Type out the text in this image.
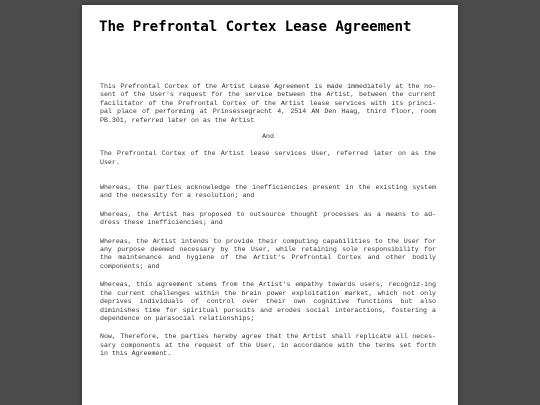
The Prefrontal Cortex Lease Agreement

This Prefrontal Cortex of the Artist Lease Agreement is made immediately at the no-sent of the User's request for the service between the Artist, between the current facilitator of the Prefrontal Cortex of the Artist lease services with its princi-pal place of performing at Prinsessegracht 4, 2514 AN Den Haag, third floor, room PB.301, referred later on as the Artist

And

The Prefrontal Cortex of the Artist lease services User, referred later on as the User.

Whereas, the parties acknowledge the inefficiencies present in the existing system and the necessity for a resolution; and

Whereas, the Artist has proposed to outsource thought processes as a means to ad-dress these inefficiencies; and

Whereas, the Artist intends to provide their computing capabilities to the User for any purpose deemed necessary by the User, while retaining sole responsibility for the maintenance and hygiene of the Artist's Prefrontal Cortex and other bodily components; and

Whereas, this agreement stems from the Artist's empathy towards users, recogniz-ing the current challenges within the brain power exploitation market, which not only deprives individuals of control over their own cognitive functions but also diminishes time for spiritual pursuits and erodes social interactions, fostering a dependence on parasocial relationships;

Now, Therefore, the parties hereby agree that the Artist shall replicate all neces-sary components at the request of the User, in accordance with the terms set forth in this Agreement.
